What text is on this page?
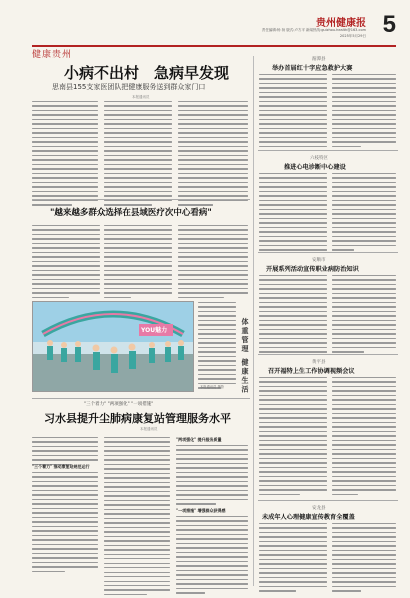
贵州健康报
责任编辑:杨 扬 版式:卢方平 新闻热线:guizhou.health@163.com
2025年5月29日 5
健康贵州
小病不出村　急病早发现
思南县155支家医团队把健康服务送到群众家门口
本报通讯员
"越来越多群众选择在县域医疗次中心看病"
YOU魅力	体重管理 健康生活
本报通讯员 摄影
"三个着力" "两项强化" "一项措施"
习水县提升尘肺病康复站管理服务水平
本报通讯员
"三个着力" 推动康复站规范运行
"两项强化" 提升服务质量
"一项措施" 增强群众获得感
湄潭县
举办首届红十字应急救护大赛
六枝特区
推进心电诊断中心建设
安顺市
开展系列活动宣传职业病防治知识
黄平县
召开福特上生工作协调视频会议
安龙县
未成年人心理健康宣传教育全覆盖
